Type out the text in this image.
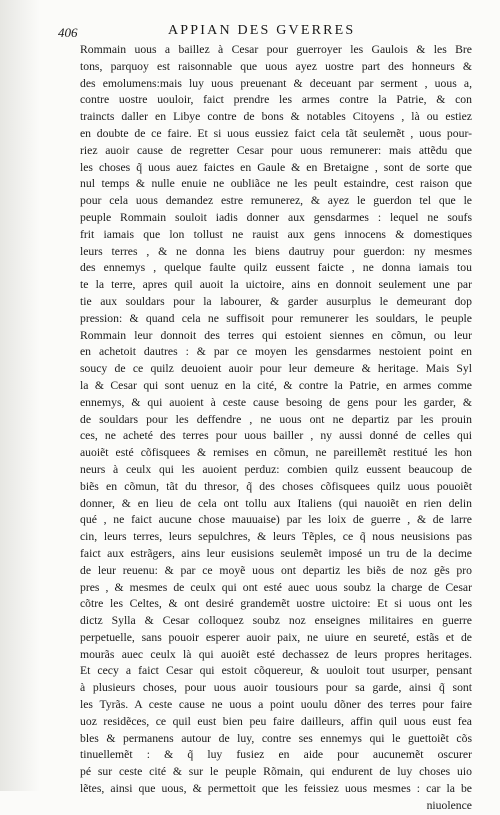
406	APPIAN DES GVERRES
Rommain uous a baillez à Cesar pour guerroyer les Gaulois & les Bre
tons, parquoy est raisonnable que uous ayez uostre part des honneurs &
des emolumens:mais luy uous preuenant & deceuant par serment , uous a,
contre uostre uouloir, faict prendre les armes contre la Patrie, & con
traincts daller en Libye contre de bons & notables Citoyens , là ou estiez
en doubte de ce faire. Et si uous eussiez faict cela tãt seulemẽt , uous pour-
riez auoir cause de regretter Cesar pour uous remunerer: mais attẽdu que
les choses q̃ uous auez faictes en Gaule & en Bretaigne , sont de sorte que
nul temps & nulle enuie ne oubliãce ne les peult estaindre, cest raison que
pour cela uous demandez estre remunerez, & ayez le guerdon tel que le
peuple Rommain souloit iadis donner aux gensdarmes : lequel ne soufs
frit iamais que lon tollust ne rauist aux gens innocens & domestiques
leurs terres , & ne donna les biens dautruy pour guerdon: ny mesmes
des ennemys , quelque faulte quilz eussent faicte , ne donna iamais tou
te la terre, apres quil auoit la uictoire, ains en donnoit seulement une par
tie aux souldars pour la labourer, & garder ausurplus le demeurant dop
pression: & quand cela ne suffisoit pour remunerer les souldars, le peuple
Rommain leur donnoit des terres qui estoient siennes en cõmun, ou leur
en achetoit dautres : & par ce moyen les gensdarmes nestoient point en
soucy de ce quilz deuoient auoir pour leur demeure & heritage. Mais Syl
la & Cesar qui sont uenuz en la cité, & contre la Patrie, en armes comme
ennemys, & qui auoient à ceste cause besoing de gens pour les garder, &
de souldars pour les deffendre , ne uous ont ne departiz par les prouin
ces, ne acheté des terres pour uous bailler , ny aussi donné de celles qui
auoiẽt esté cõfisquees & remises en cõmun, ne pareillemẽt restitué les hon
neurs à ceulx qui les auoient perduz: combien quilz eussent beaucoup de
biẽs en cõmun, tãt du thresor, q̃ des choses cõfisquees quilz uous pouoiẽt
donner, & en lieu de cela ont tollu aux Italiens (qui nauoiẽt en rien delin
qué , ne faict aucune chose mauuaise) par les loix de guerre , & de larre
cin, leurs terres, leurs sepulchres, & leurs Tẽples, ce q̃ nous neusisions pas
faict aux estrãgers, ains leur eusisions seulemẽt imposé un tru de la decime
de leur reuenu: & par ce moyẽ uous ont departiz les biẽs de noz gẽs pro
pres , & mesmes de ceulx qui ont esté auec uous soubz la charge de Cesar
cõtre les Celtes, & ont desiré grandemẽt uostre uictoire: Et si uous ont les
dictz Sylla & Cesar colloquez soubz noz enseignes militaires en guerre
perpetuelle, sans pouoir esperer auoir paix, ne uiure en seureté, estãs et de
mourãs auec ceulx là qui auoiẽt esté dechassez de leurs propres heritages.
Et cecy a faict Cesar qui estoit cõquereur, & uouloit tout usurper, pensant
à plusieurs choses, pour uous auoir tousiours pour sa garde, ainsi q̃ sont
les Tyrãs. A ceste cause ne uous a point uoulu dõner des terres pour faire
uoz residẽces, ce quil eust bien peu faire dailleurs, affin quil uous eust fea
bles & permanens autour de luy, contre ses ennemys qui le guettoiẽt cõs
tinuellemẽt : & q̃ luy fusiez en aide pour aucunemẽt oscurer
pé sur ceste cité & sur le peuple Rõmain, qui endurent de luy choses uio
lẽtes, ainsi que uous, & permettoit que les feissiez uous mesmes : car la be
niuolence
